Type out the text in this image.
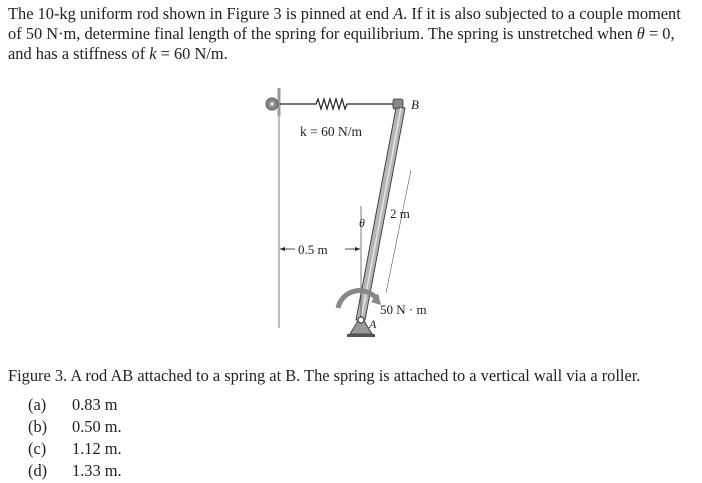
The 10-kg uniform rod shown in Figure 3 is pinned at end A. If it is also subjected to a couple moment of 50 N·m, determine final length of the spring for equilibrium. The spring is unstretched when θ = 0, and has a stiffness of k = 60 N/m.

B
k = 60 N/m
2 m
θ
0.5 m
50 N · m
A
Figure 3. A rod AB attached to a spring at B. The spring is attached to a vertical wall via a roller.
(a) 0.83 m
(b) 0.50 m.
(c) 1.12 m.
(d) 1.33 m.
